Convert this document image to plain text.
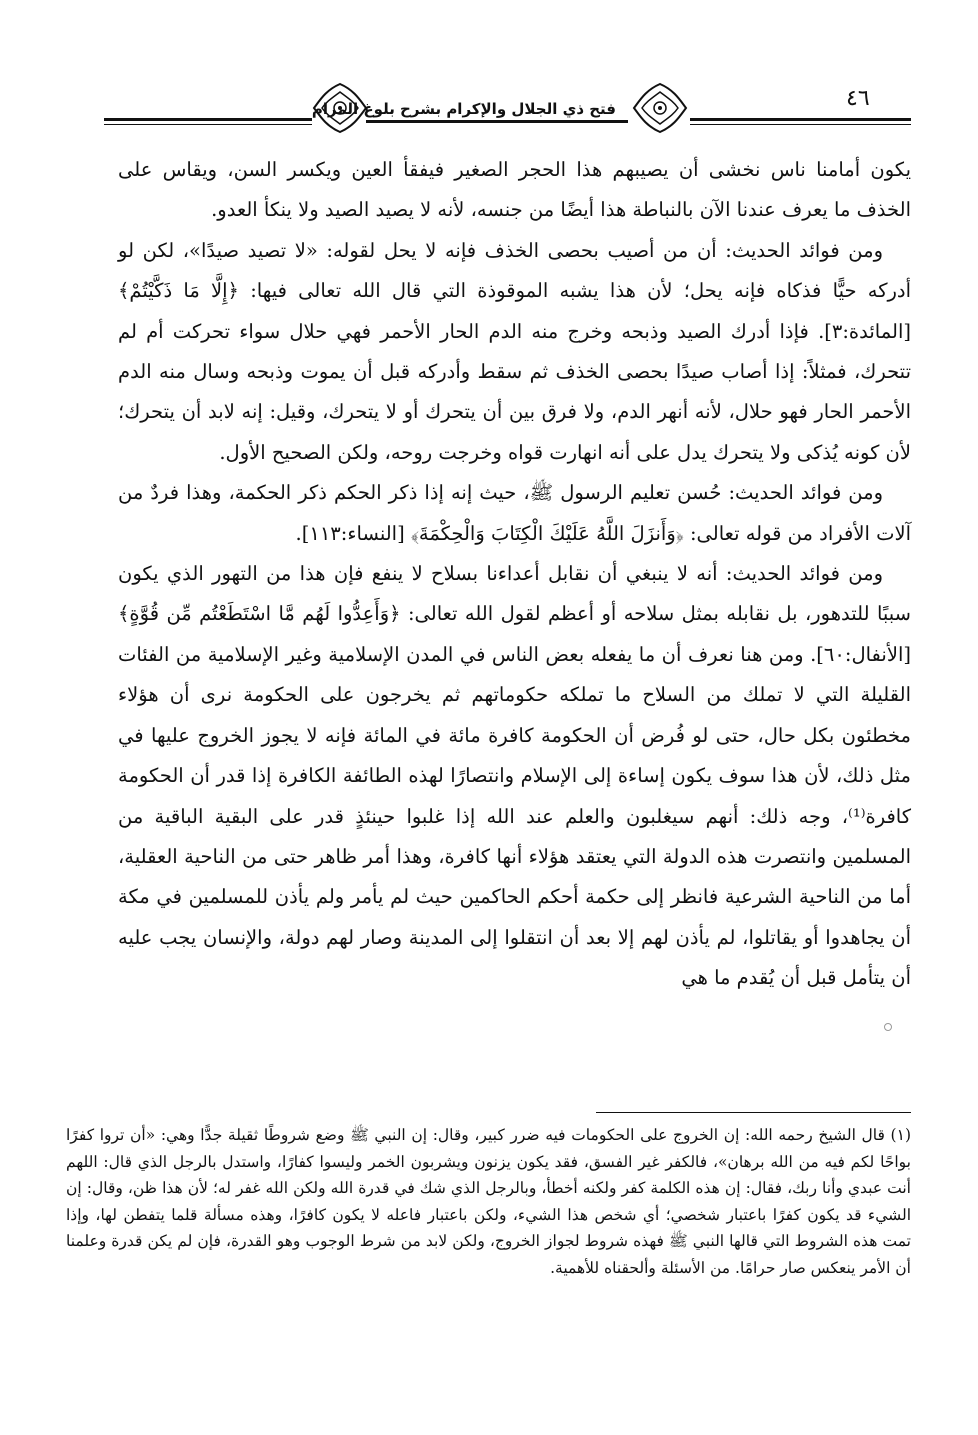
فتح ذي الجلال والإكرام بشرح بلوغ المرام	٤٦

يكون أمامنا ناس نخشى أن يصيبهم هذا الحجر الصغير فيفقأ العين ويكسر السن، ويقاس على الخذف ما يعرف عندنا الآن بالنباطة هذا أيضًا من جنسه، لأنه لا يصيد الصيد ولا ينكأ العدو.

ومن فوائد الحديث: أن من أصيب بحصى الخذف فإنه لا يحل لقوله: «لا تصيد صيدًا»، لكن لو أدركه حيًّا فذكاه فإنه يحل؛ لأن هذا يشبه الموقوذة التي قال الله تعالى فيها: ﴿إِلَّا مَا ذَكَّيْتُمْ﴾ [المائدة:٣]. فإذا أدرك الصيد وذبحه وخرج منه الدم الحار الأحمر فهي حلال سواء تحركت أم لم تتحرك، فمثلاً: إذا أصاب صيدًا بحصى الخذف ثم سقط وأدركه قبل أن يموت وذبحه وسال منه الدم الأحمر الحار فهو حلال، لأنه أنهر الدم، ولا فرق بين أن يتحرك أو لا يتحرك، وقيل: إنه لابد أن يتحرك؛ لأن كونه يُذكى ولا يتحرك يدل على أنه انهارت قواه وخرجت روحه، ولكن الصحيح الأول.

ومن فوائد الحديث: حُسن تعليم الرسول ﷺ، حيث إنه إذا ذكر الحكم ذكر الحكمة، وهذا فردٌ من آلات الأفراد من قوله تعالى: ﴿وَأَنزَلَ اللَّهُ عَلَيْكَ الْكِتَابَ وَالْحِكْمَةَ﴾ [النساء:١١٣].

ومن فوائد الحديث: أنه لا ينبغي أن نقابل أعداءنا بسلاح لا ينفع فإن هذا من التهور الذي يكون سببًا للتدهور، بل نقابله بمثل سلاحه أو أعظم لقول الله تعالى: ﴿وَأَعِدُّوا لَهُم مَّا اسْتَطَعْتُم مِّن قُوَّةٍ﴾ [الأنفال:٦٠]. ومن هنا نعرف أن ما يفعله بعض الناس في المدن الإسلامية وغير الإسلامية من الفئات القليلة التي لا تملك من السلاح ما تملكه حكوماتهم ثم يخرجون على الحكومة نرى أن هؤلاء مخطئون بكل حال، حتى لو فُرض أن الحكومة كافرة مائة في المائة فإنه لا يجوز الخروج عليها في مثل ذلك، لأن هذا سوف يكون إساءة إلى الإسلام وانتصارًا لهذه الطائفة الكافرة إذا قدر أن الحكومة كافرة⁽¹⁾، وجه ذلك: أنهم سيغلبون والعلم عند الله إذا غلبوا حينئذٍ قدر على البقية الباقية من المسلمين وانتصرت هذه الدولة التي يعتقد هؤلاء أنها كافرة، وهذا أمر ظاهر حتى من الناحية العقلية، أما من الناحية الشرعية فانظر إلى حكمة أحكم الحاكمين حيث لم يأمر ولم يأذن للمسلمين في مكة أن يجاهدوا أو يقاتلوا، لم يأذن لهم إلا بعد أن انتقلوا إلى المدينة وصار لهم دولة، والإنسان يجب عليه أن يتأمل قبل أن يُقدم ما هي

(١) قال الشيخ رحمه الله: إن الخروج على الحكومات فيه ضرر كبير، وقال: إن النبي ﷺ وضع شروطًا ثقيلة جدًّا وهي: «أن تروا كفرًا بواحًا لكم فيه من الله برهان»، فالكفر غير الفسق، فقد يكون يزنون ويشربون الخمر وليسوا كفارًا، واستدل بالرجل الذي قال: اللهم أنت عبدي وأنا ربك، فقال: إن هذه الكلمة كفر ولكنه أخطأ، وبالرجل الذي شك في قدرة الله ولكن الله غفر له؛ لأن هذا ظن، وقال: إن الشيء قد يكون كفرًا باعتبار شخصي؛ أي شخص هذا الشيء، ولكن باعتبار فاعله لا يكون كافرًا، وهذه مسألة قلما يتفطن لها، وإذا تمت هذه الشروط التي قالها النبي ﷺ فهذه شروط لجواز الخروج، ولكن لابد من شرط الوجوب وهو القدرة، فإن لم يكن قدرة وعلمنا أن الأمر ينعكس صار حرامًا. من الأسئلة وألحقناه للأهمية.
